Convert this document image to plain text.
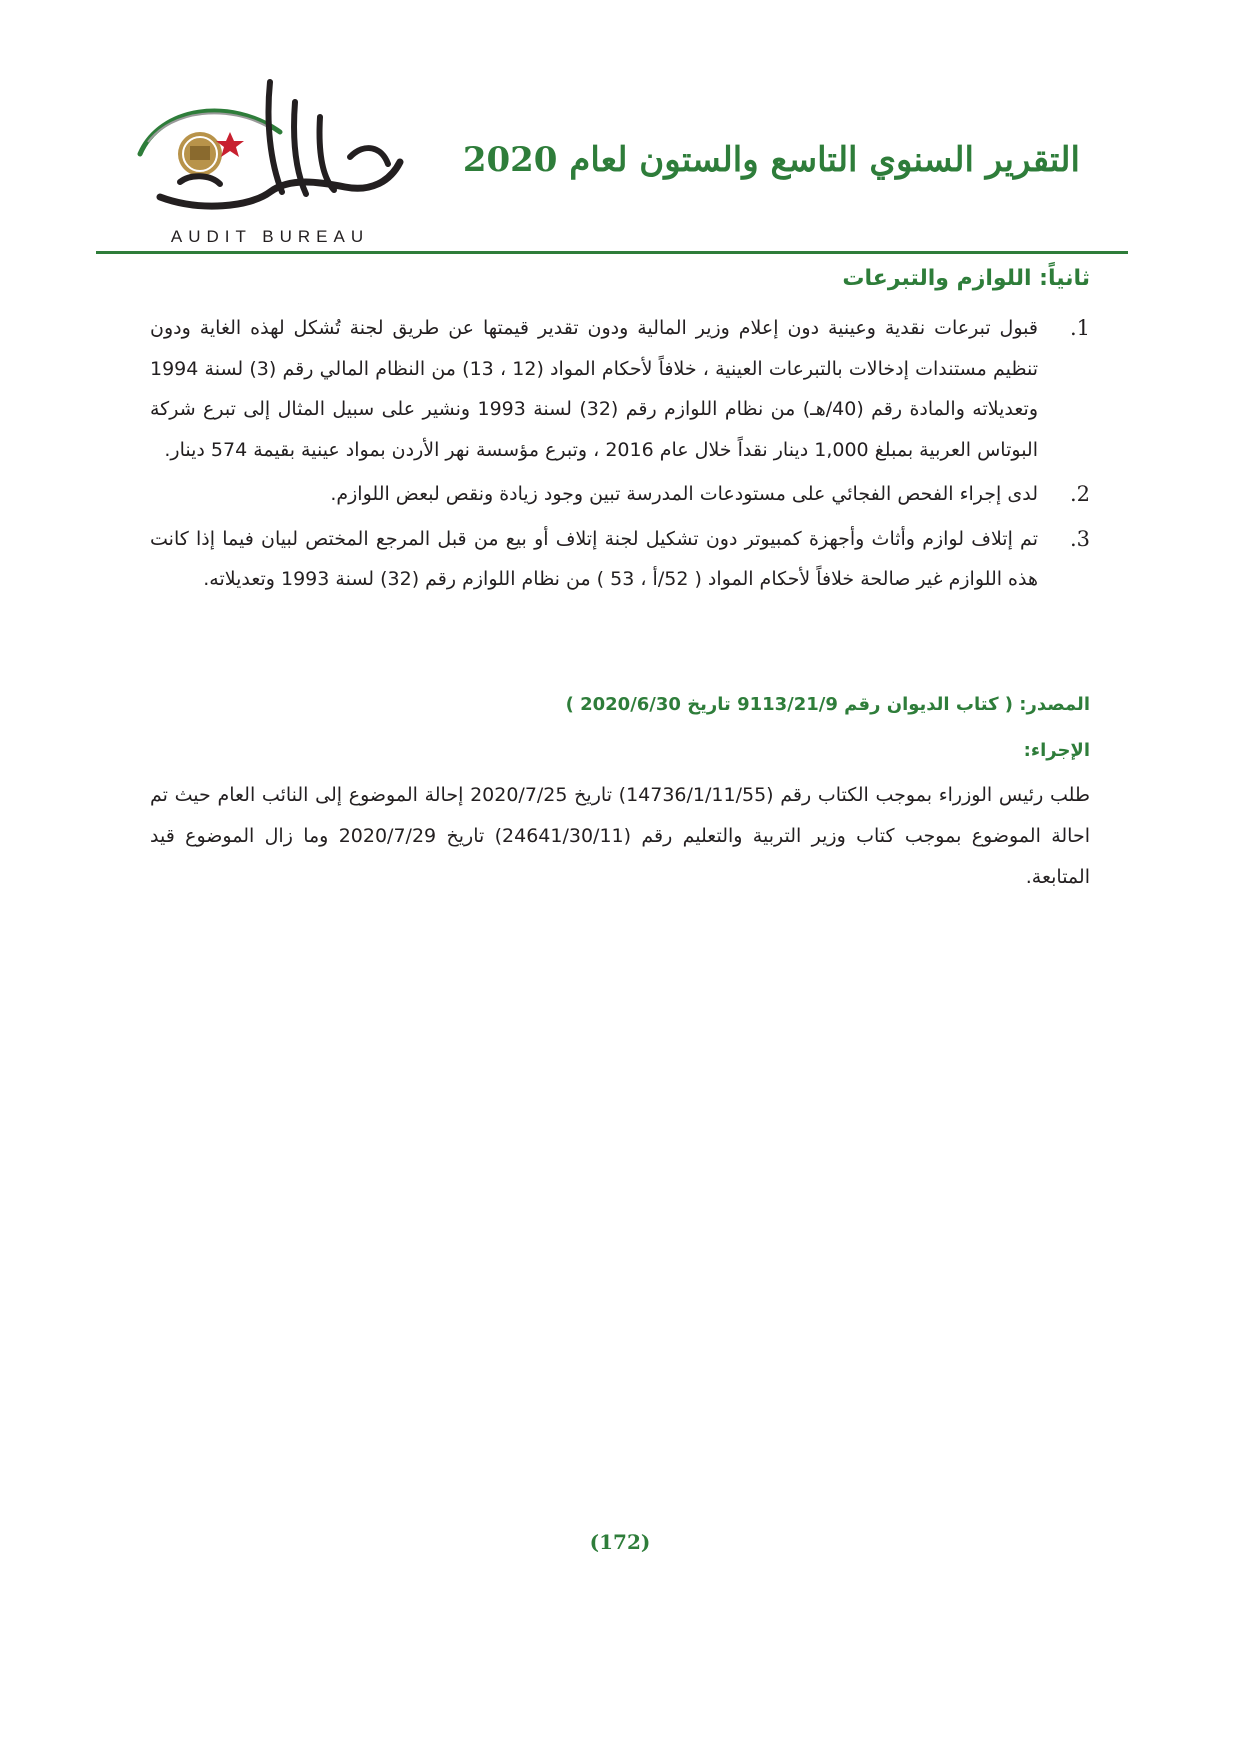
AUDIT BUREAU
التقرير السنوي التاسع والستون لعام 2020
ثانياً: اللوازم والتبرعات
.1
قبول تبرعات نقدية وعينية دون إعلام وزير المالية ودون تقدير قيمتها عن طريق لجنة تُشكل لهذه الغاية ودون تنظيم مستندات إدخالات بالتبرعات العينية ، خلافاً لأحكام المواد (12 ، 13) من النظام المالي رقم (3) لسنة 1994 وتعديلاته والمادة رقم (40/هـ) من نظام اللوازم رقم (32) لسنة 1993 ونشير على سبيل المثال إلى تبرع شركة البوتاس العربية بمبلغ 1,000 دينار نقداً خلال عام 2016 ، وتبرع مؤسسة نهر الأردن بمواد عينية بقيمة 574 دينار.
.2
لدى إجراء الفحص الفجائي على مستودعات المدرسة تبين وجود زيادة ونقص لبعض اللوازم.
.3
تم إتلاف لوازم وأثاث وأجهزة كمبيوتر دون تشكيل لجنة إتلاف أو بيع من قبل المرجع المختص لبيان فيما إذا كانت هذه اللوازم غير صالحة خلافاً لأحكام المواد ( 52/أ ، 53 ) من نظام اللوازم رقم (32) لسنة 1993 وتعديلاته.
المصدر: ( كتاب الديوان رقم 9113/21/9 تاريخ 2020/6/30 )
الإجراء:

طلب رئيس الوزراء بموجب الكتاب رقم (14736/1/11/55) تاريخ 2020/7/25 إحالة الموضوع إلى النائب العام حيث تم احالة الموضوع بموجب كتاب وزير التربية والتعليم رقم (24641/30/11) تاريخ 2020/7/29 وما زال الموضوع قيد المتابعة.

(172)
